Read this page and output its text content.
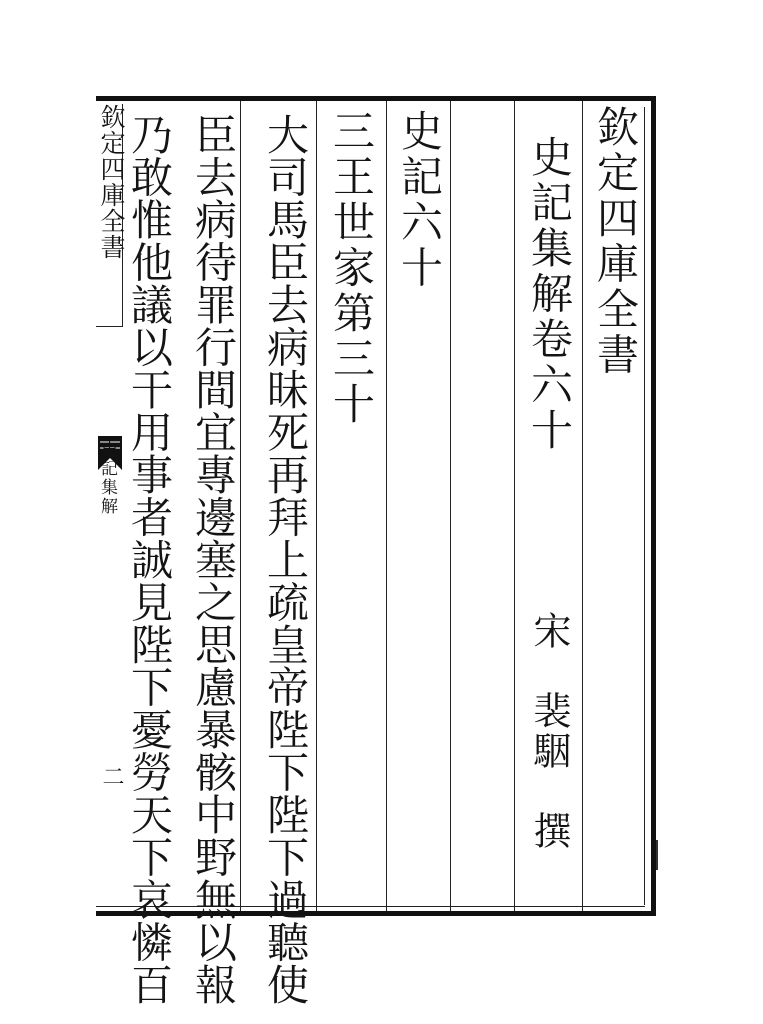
欽定四庫全書
史記集解卷六十
宋　裴駰　撰
史記六十
三王世家第三十
大司馬臣去病昧死再拜上疏皇帝陛下陛下過聽使
臣去病待罪行間宜專邊塞之思慮暴骸中野無以報
乃敢惟他議以干用事者誠見陛下憂勞天下哀憐百
欽定四庫全書
史記集解
二
